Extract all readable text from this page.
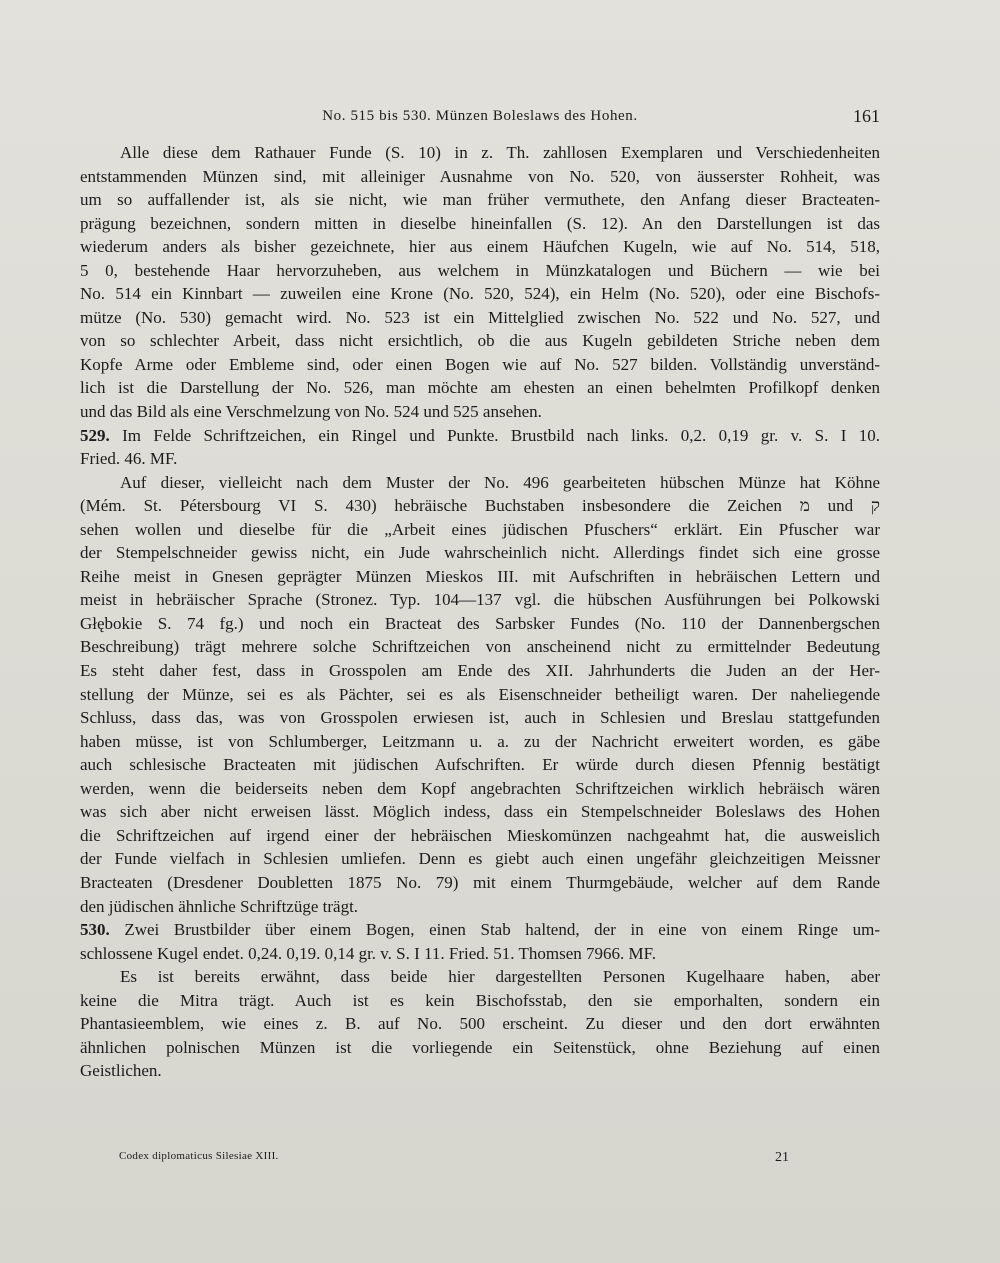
No. 515 bis 530. Münzen Boleslaws des Hohen.	161
Alle diese dem Rathauer Funde (S. 10) in z. Th. zahllosen Exemplaren und Verschiedenheiten
entstammenden Münzen sind, mit alleiniger Ausnahme von No. 520, von äusserster Rohheit, was
um so auffallender ist, als sie nicht, wie man früher vermuthete, den Anfang dieser Bracteaten-
prägung bezeichnen, sondern mitten in dieselbe hineinfallen (S. 12). An den Darstellungen ist das
wiederum anders als bisher gezeichnete, hier aus einem Häufchen Kugeln, wie auf No. 514, 518,
5 0, bestehende Haar hervorzuheben, aus welchem in Münzkatalogen und Büchern — wie bei
No. 514 ein Kinnbart — zuweilen eine Krone (No. 520, 524), ein Helm (No. 520), oder eine Bischofs-
mütze (No. 530) gemacht wird. No. 523 ist ein Mittelglied zwischen No. 522 und No. 527, und
von so schlechter Arbeit, dass nicht ersichtlich, ob die aus Kugeln gebildeten Striche neben dem
Kopfe Arme oder Embleme sind, oder einen Bogen wie auf No. 527 bilden. Vollständig unverständ-
lich ist die Darstellung der No. 526, man möchte am ehesten an einen behelmten Profilkopf denken
und das Bild als eine Verschmelzung von No. 524 und 525 ansehen.
529. Im Felde Schriftzeichen, ein Ringel und Punkte. Brustbild nach links. 0,2. 0,19 gr. v. S. I 10.
Fried. 46. MF.
Auf dieser, vielleicht nach dem Muster der No. 496 gearbeiteten hübschen Münze hat Köhne
(Mém. St. Pétersbourg VI S. 430) hebräische Buchstaben insbesondere die Zeichen מ und ק
sehen wollen und dieselbe für die „Arbeit eines jüdischen Pfuschers“ erklärt. Ein Pfuscher war
der Stempelschneider gewiss nicht, ein Jude wahrscheinlich nicht. Allerdings findet sich eine grosse
Reihe meist in Gnesen geprägter Münzen Mieskos III. mit Aufschriften in hebräischen Lettern und
meist in hebräischer Sprache (Stronez. Typ. 104—137 vgl. die hübschen Ausführungen bei Polkowski
Głębokie S. 74 fg.) und noch ein Bracteat des Sarbsker Fundes (No. 110 der Dannenbergschen
Beschreibung) trägt mehrere solche Schriftzeichen von anscheinend nicht zu ermittelnder Bedeutung
Es steht daher fest, dass in Grosspolen am Ende des XII. Jahrhunderts die Juden an der Her-
stellung der Münze, sei es als Pächter, sei es als Eisenschneider betheiligt waren. Der naheliegende
Schluss, dass das, was von Grosspolen erwiesen ist, auch in Schlesien und Breslau stattgefunden
haben müsse, ist von Schlumberger, Leitzmann u. a. zu der Nachricht erweitert worden, es gäbe
auch schlesische Bracteaten mit jüdischen Aufschriften. Er würde durch diesen Pfennig bestätigt
werden, wenn die beiderseits neben dem Kopf angebrachten Schriftzeichen wirklich hebräisch wären
was sich aber nicht erweisen lässt. Möglich indess, dass ein Stempelschneider Boleslaws des Hohen
die Schriftzeichen auf irgend einer der hebräischen Mieskomünzen nachgeahmt hat, die ausweislich
der Funde vielfach in Schlesien umliefen. Denn es giebt auch einen ungefähr gleichzeitigen Meissner
Bracteaten (Dresdener Doubletten 1875 No. 79) mit einem Thurmgebäude, welcher auf dem Rande
den jüdischen ähnliche Schriftzüge trägt.
530. Zwei Brustbilder über einem Bogen, einen Stab haltend, der in eine von einem Ringe um-
schlossene Kugel endet. 0,24. 0,19. 0,14 gr. v. S. I 11. Fried. 51. Thomsen 7966. MF.
Es ist bereits erwähnt, dass beide hier dargestellten Personen Kugelhaare haben, aber
keine die Mitra trägt. Auch ist es kein Bischofsstab, den sie emporhalten, sondern ein
Phantasieemblem, wie eines z. B. auf No. 500 erscheint. Zu dieser und den dort erwähnten
ähnlichen polnischen Münzen ist die vorliegende ein Seitenstück, ohne Beziehung auf einen
Geistlichen.
Codex diplomaticus Silesiae XIII.	21
